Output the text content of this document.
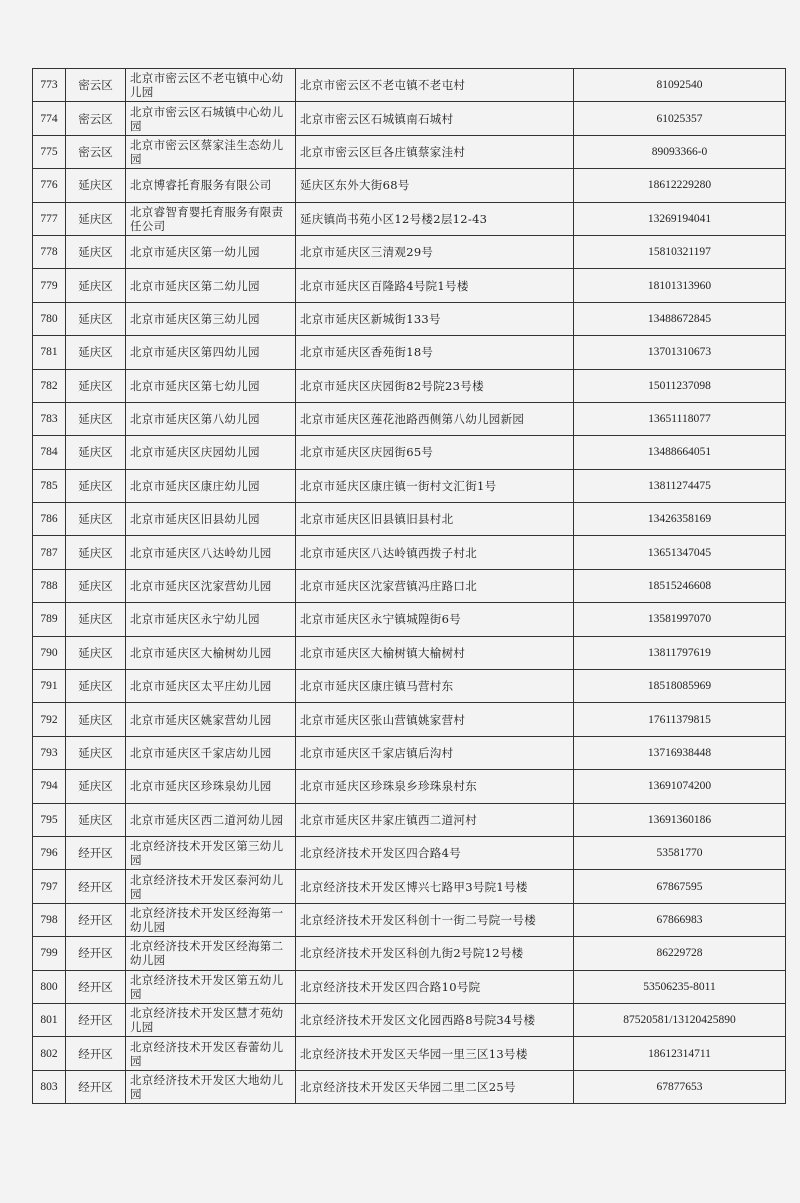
773	密云区	北京市密云区不老屯镇中心幼儿园	北京市密云区不老屯镇不老屯村	81092540
774	密云区	北京市密云区石城镇中心幼儿园	北京市密云区石城镇南石城村	61025357
775	密云区	北京市密云区蔡家洼生态幼儿园	北京市密云区巨各庄镇蔡家洼村	89093366-0
776	延庆区	北京博睿托育服务有限公司	延庆区东外大街68号	18612229280
777	延庆区	北京睿智育婴托育服务有限责任公司	延庆镇尚书苑小区12号楼2层12-43	13269194041
778	延庆区	北京市延庆区第一幼儿园	北京市延庆区三清观29号	15810321197
779	延庆区	北京市延庆区第二幼儿园	北京市延庆区百隆路4号院1号楼	18101313960
780	延庆区	北京市延庆区第三幼儿园	北京市延庆区新城街133号	13488672845
781	延庆区	北京市延庆区第四幼儿园	北京市延庆区香苑街18号	13701310673
782	延庆区	北京市延庆区第七幼儿园	北京市延庆区庆园街82号院23号楼	15011237098
783	延庆区	北京市延庆区第八幼儿园	北京市延庆区莲花池路西侧第八幼儿园新园	13651118077
784	延庆区	北京市延庆区庆园幼儿园	北京市延庆区庆园街65号	13488664051
785	延庆区	北京市延庆区康庄幼儿园	北京市延庆区康庄镇一街村文汇街1号	13811274475
786	延庆区	北京市延庆区旧县幼儿园	北京市延庆区旧县镇旧县村北	13426358169
787	延庆区	北京市延庆区八达岭幼儿园	北京市延庆区八达岭镇西拨子村北	13651347045
788	延庆区	北京市延庆区沈家营幼儿园	北京市延庆区沈家营镇冯庄路口北	18515246608
789	延庆区	北京市延庆区永宁幼儿园	北京市延庆区永宁镇城隍街6号	13581997070
790	延庆区	北京市延庆区大榆树幼儿园	北京市延庆区大榆树镇大榆树村	13811797619
791	延庆区	北京市延庆区太平庄幼儿园	北京市延庆区康庄镇马营村东	18518085969
792	延庆区	北京市延庆区姚家营幼儿园	北京市延庆区张山营镇姚家营村	17611379815
793	延庆区	北京市延庆区千家店幼儿园	北京市延庆区千家店镇后沟村	13716938448
794	延庆区	北京市延庆区珍珠泉幼儿园	北京市延庆区珍珠泉乡珍珠泉村东	13691074200
795	延庆区	北京市延庆区西二道河幼儿园	北京市延庆区井家庄镇西二道河村	13691360186
796	经开区	北京经济技术开发区第三幼儿园	北京经济技术开发区四合路4号	53581770
797	经开区	北京经济技术开发区泰河幼儿园	北京经济技术开发区博兴七路甲3号院1号楼	67867595
798	经开区	北京经济技术开发区经海第一幼儿园	北京经济技术开发区科创十一街二号院一号楼	67866983
799	经开区	北京经济技术开发区经海第二幼儿园	北京经济技术开发区科创九街2号院12号楼	86229728
800	经开区	北京经济技术开发区第五幼儿园	北京经济技术开发区四合路10号院	53506235-8011
801	经开区	北京经济技术开发区慧才苑幼儿园	北京经济技术开发区文化园西路8号院34号楼	87520581/13120425890
802	经开区	北京经济技术开发区春蕾幼儿园	北京经济技术开发区天华园一里三区13号楼	18612314711
803	经开区	北京经济技术开发区大地幼儿园	北京经济技术开发区天华园二里二区25号	67877653
